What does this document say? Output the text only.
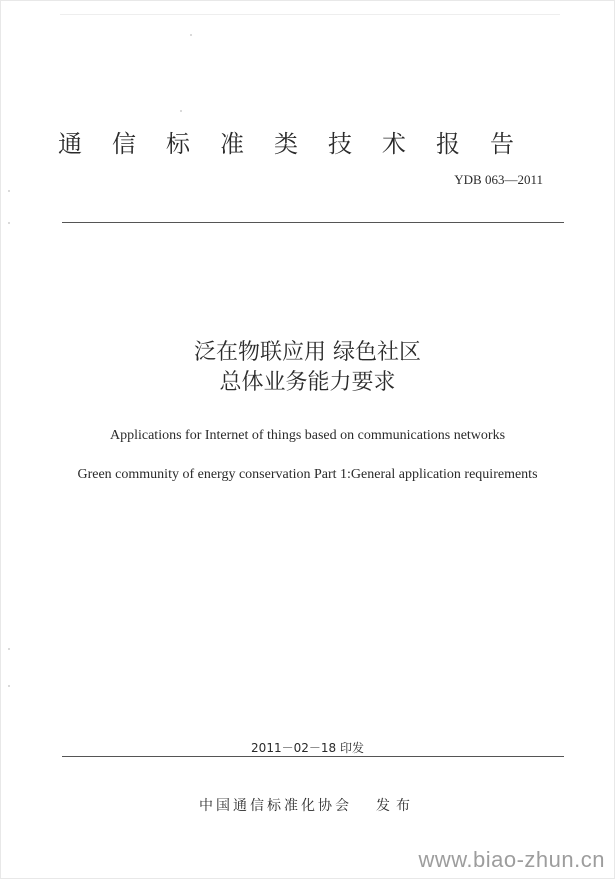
通信标准类技术报告
YDB 063—2011
泛在物联应用 绿色社区
总体业务能力要求
Applications for Internet of things based on communications networks
Green community of energy conservation Part 1:General application requirements
2011－02－18 印发
中国通信标准化协会 发布
www.biao-zhun.cn
